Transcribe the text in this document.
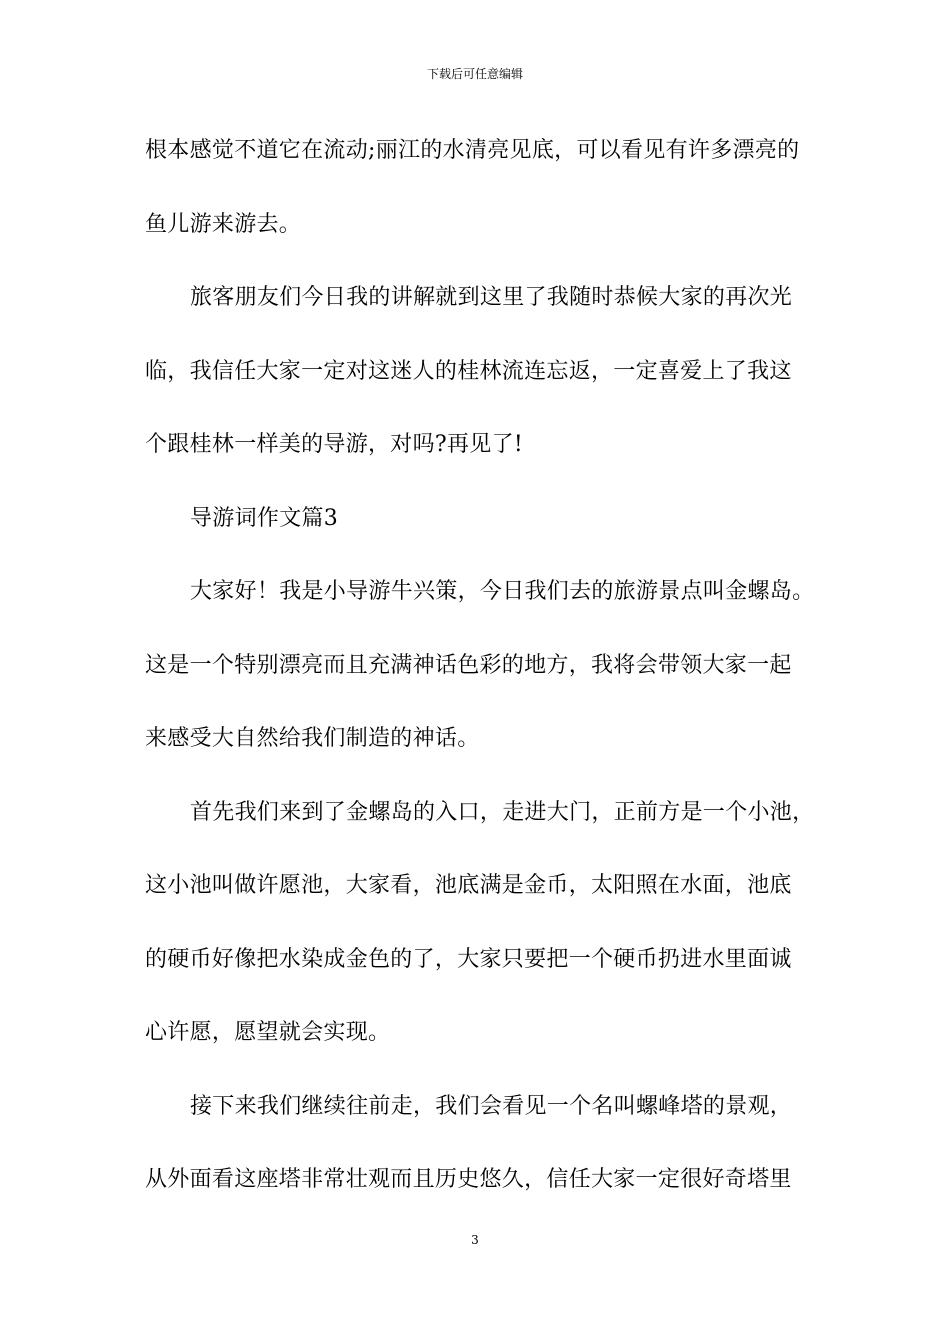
下载后可任意编辑
根本感觉不道它在流动;丽江的水清亮见底，可以看见有许多漂亮的
鱼儿游来游去。
旅客朋友们今日我的讲解就到这里了我随时恭候大家的再次光
临，我信任大家一定对这迷人的桂林流连忘返，一定喜爱上了我这
个跟桂林一样美的导游，对吗?再见了!
导游词作文篇3
大家好！我是小导游牛兴策，今日我们去的旅游景点叫金螺岛。
这是一个特别漂亮而且充满神话色彩的地方，我将会带领大家一起
来感受大自然给我们制造的神话。
首先我们来到了金螺岛的入口，走进大门，正前方是一个小池，
这小池叫做许愿池，大家看，池底满是金币，太阳照在水面，池底
的硬币好像把水染成金色的了，大家只要把一个硬币扔进水里面诚
心许愿，愿望就会实现。
接下来我们继续往前走，我们会看见一个名叫螺峰塔的景观，
从外面看这座塔非常壮观而且历史悠久，信任大家一定很好奇塔里
3
